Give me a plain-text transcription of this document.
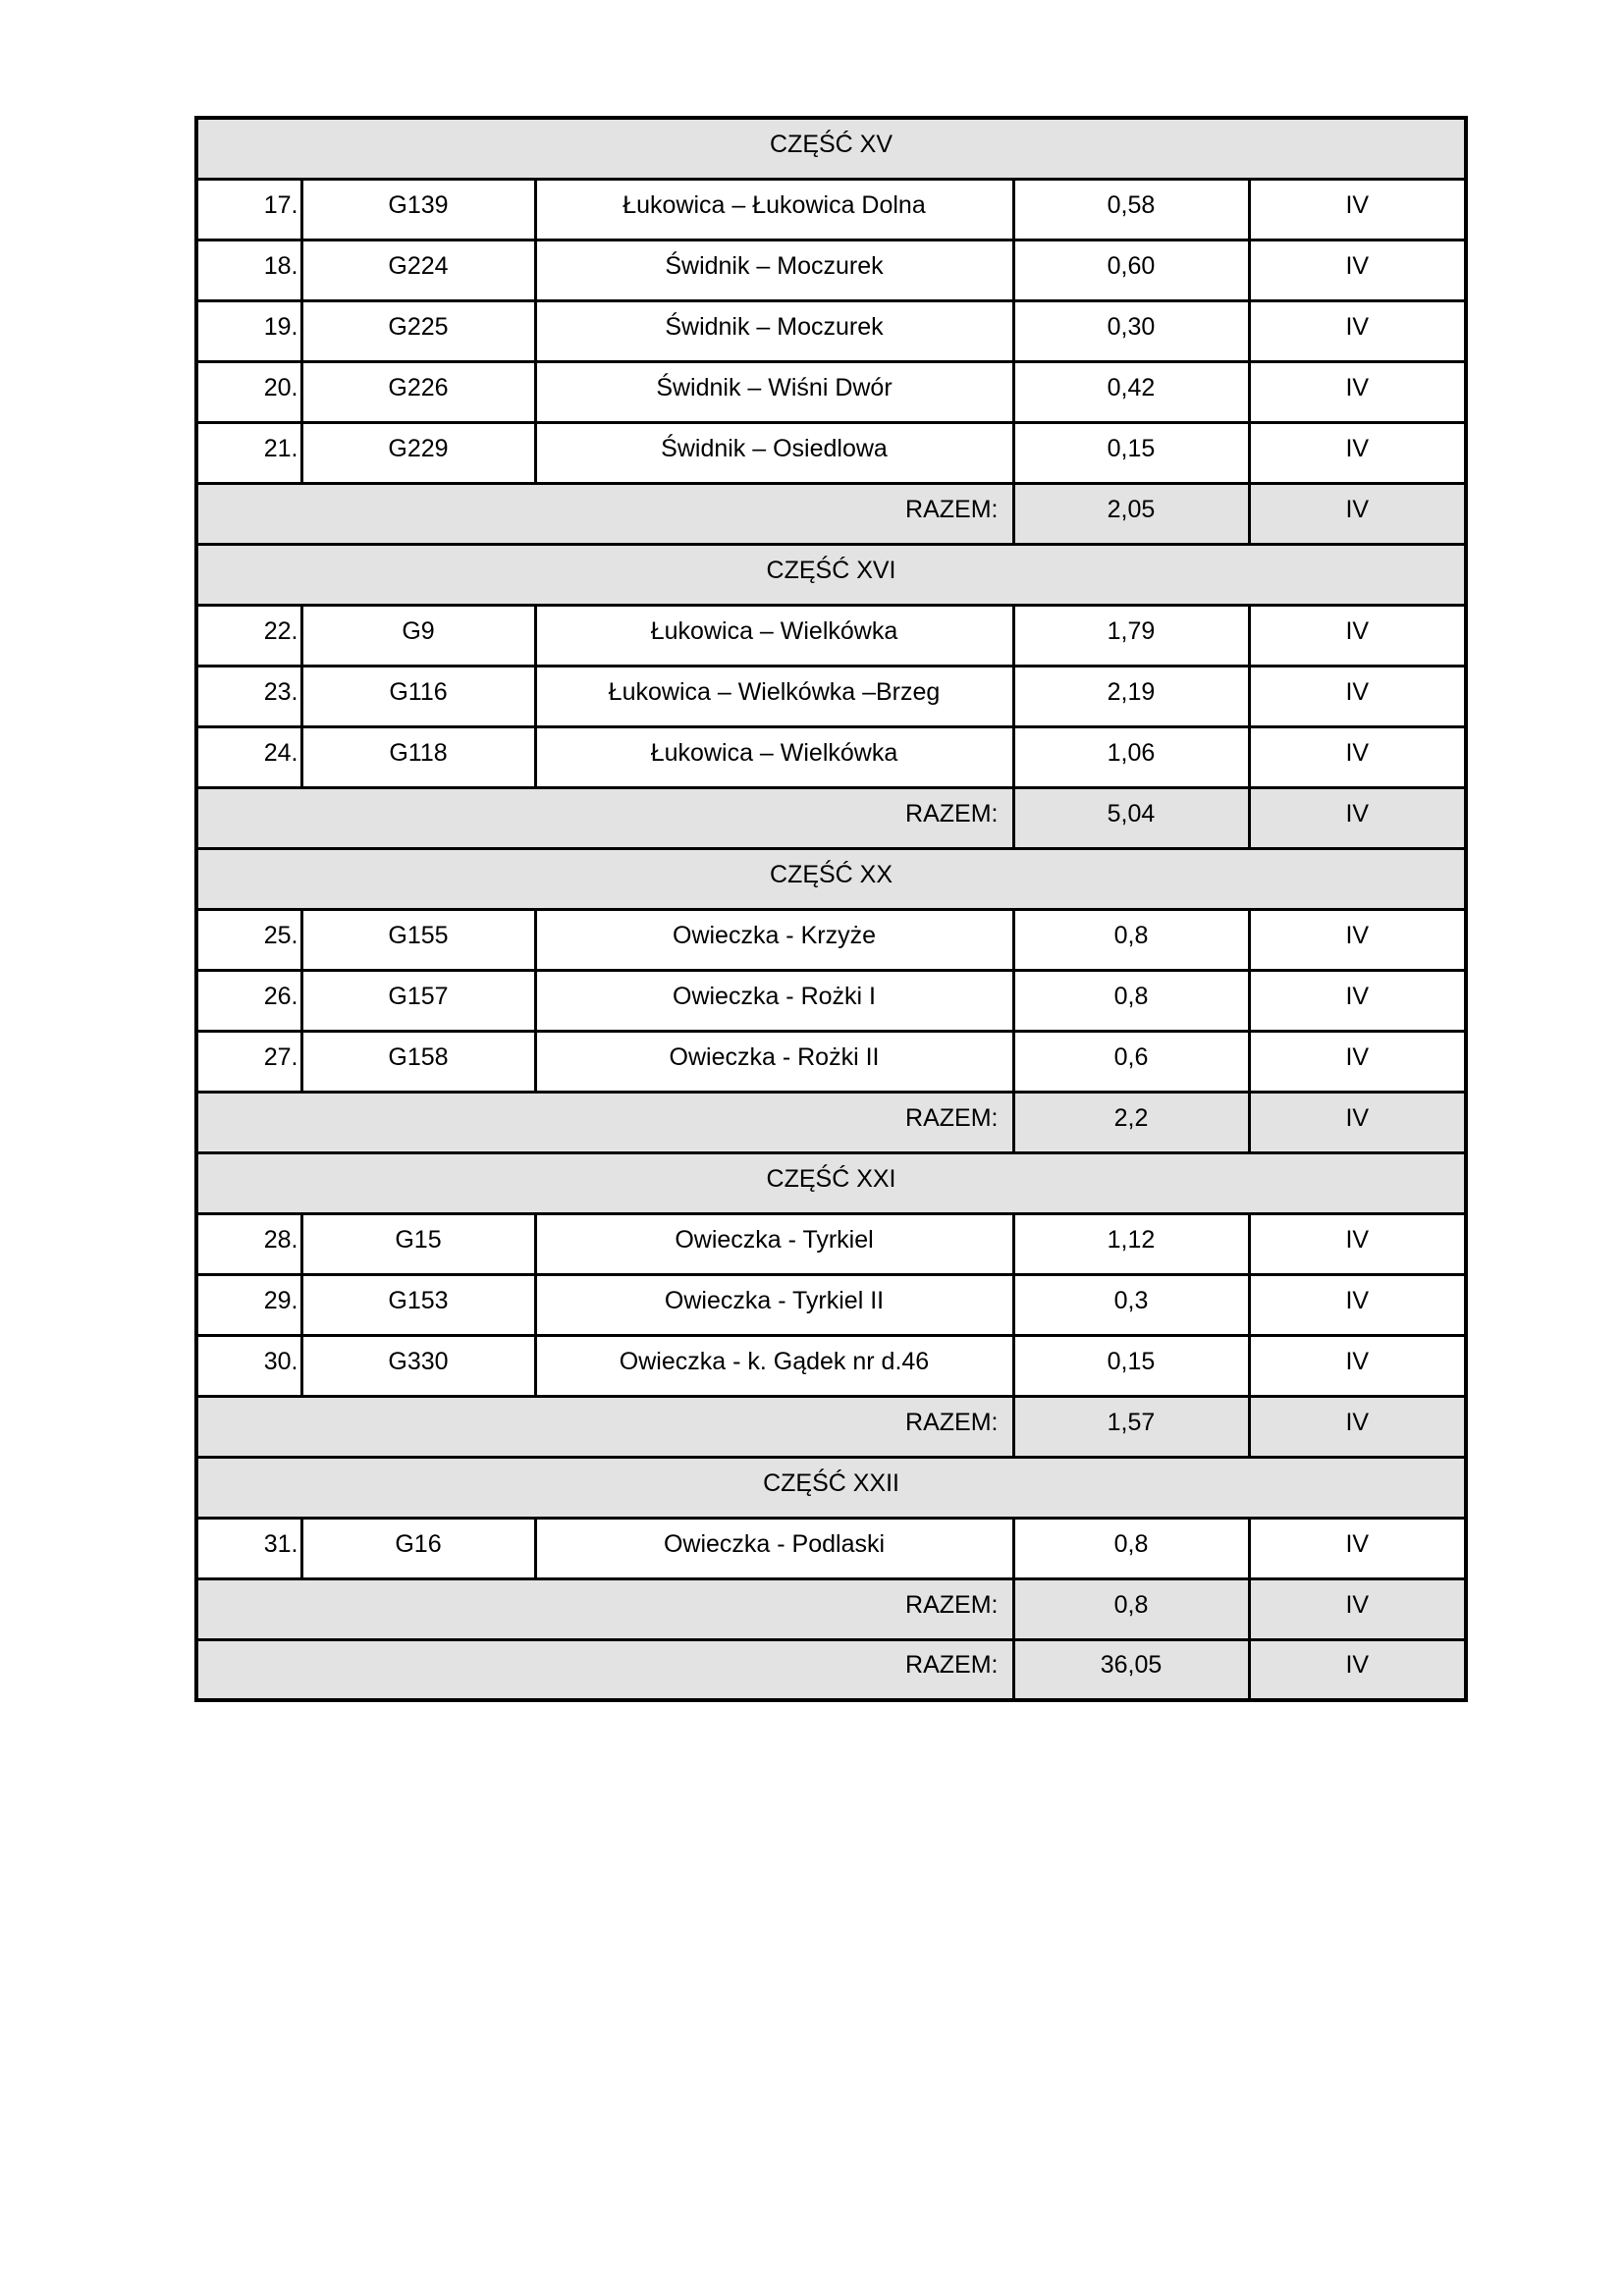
CZĘŚĆ XV				
17.	G139	Łukowica – Łukowica Dolna	0,58	IV
18.	G224	Świdnik – Moczurek	0,60	IV
19.	G225	Świdnik – Moczurek	0,30	IV
20.	G226	Świdnik – Wiśni Dwór	0,42	IV
21.	G229	Świdnik – Osiedlowa	0,15	IV
RAZEM:			2,05	IV
CZĘŚĆ XVI				
22.	G9	Łukowica – Wielkówka	1,79	IV
23.	G116	Łukowica – Wielkówka –Brzeg	2,19	IV
24.	G118	Łukowica – Wielkówka	1,06	IV
RAZEM:			5,04	IV
CZĘŚĆ XX				
25.	G155	Owieczka - Krzyże	0,8	IV
26.	G157	Owieczka - Rożki I	0,8	IV
27.	G158	Owieczka - Rożki II	0,6	IV
RAZEM:			2,2	IV
CZĘŚĆ XXI				
28.	G15	Owieczka - Tyrkiel	1,12	IV
29.	G153	Owieczka - Tyrkiel II	0,3	IV
30.	G330	Owieczka - k. Gądek nr d.46	0,15	IV
RAZEM:			1,57	IV
CZĘŚĆ XXII				
31.	G16	Owieczka - Podlaski	0,8	IV
RAZEM:			0,8	IV
RAZEM:			36,05	IV
